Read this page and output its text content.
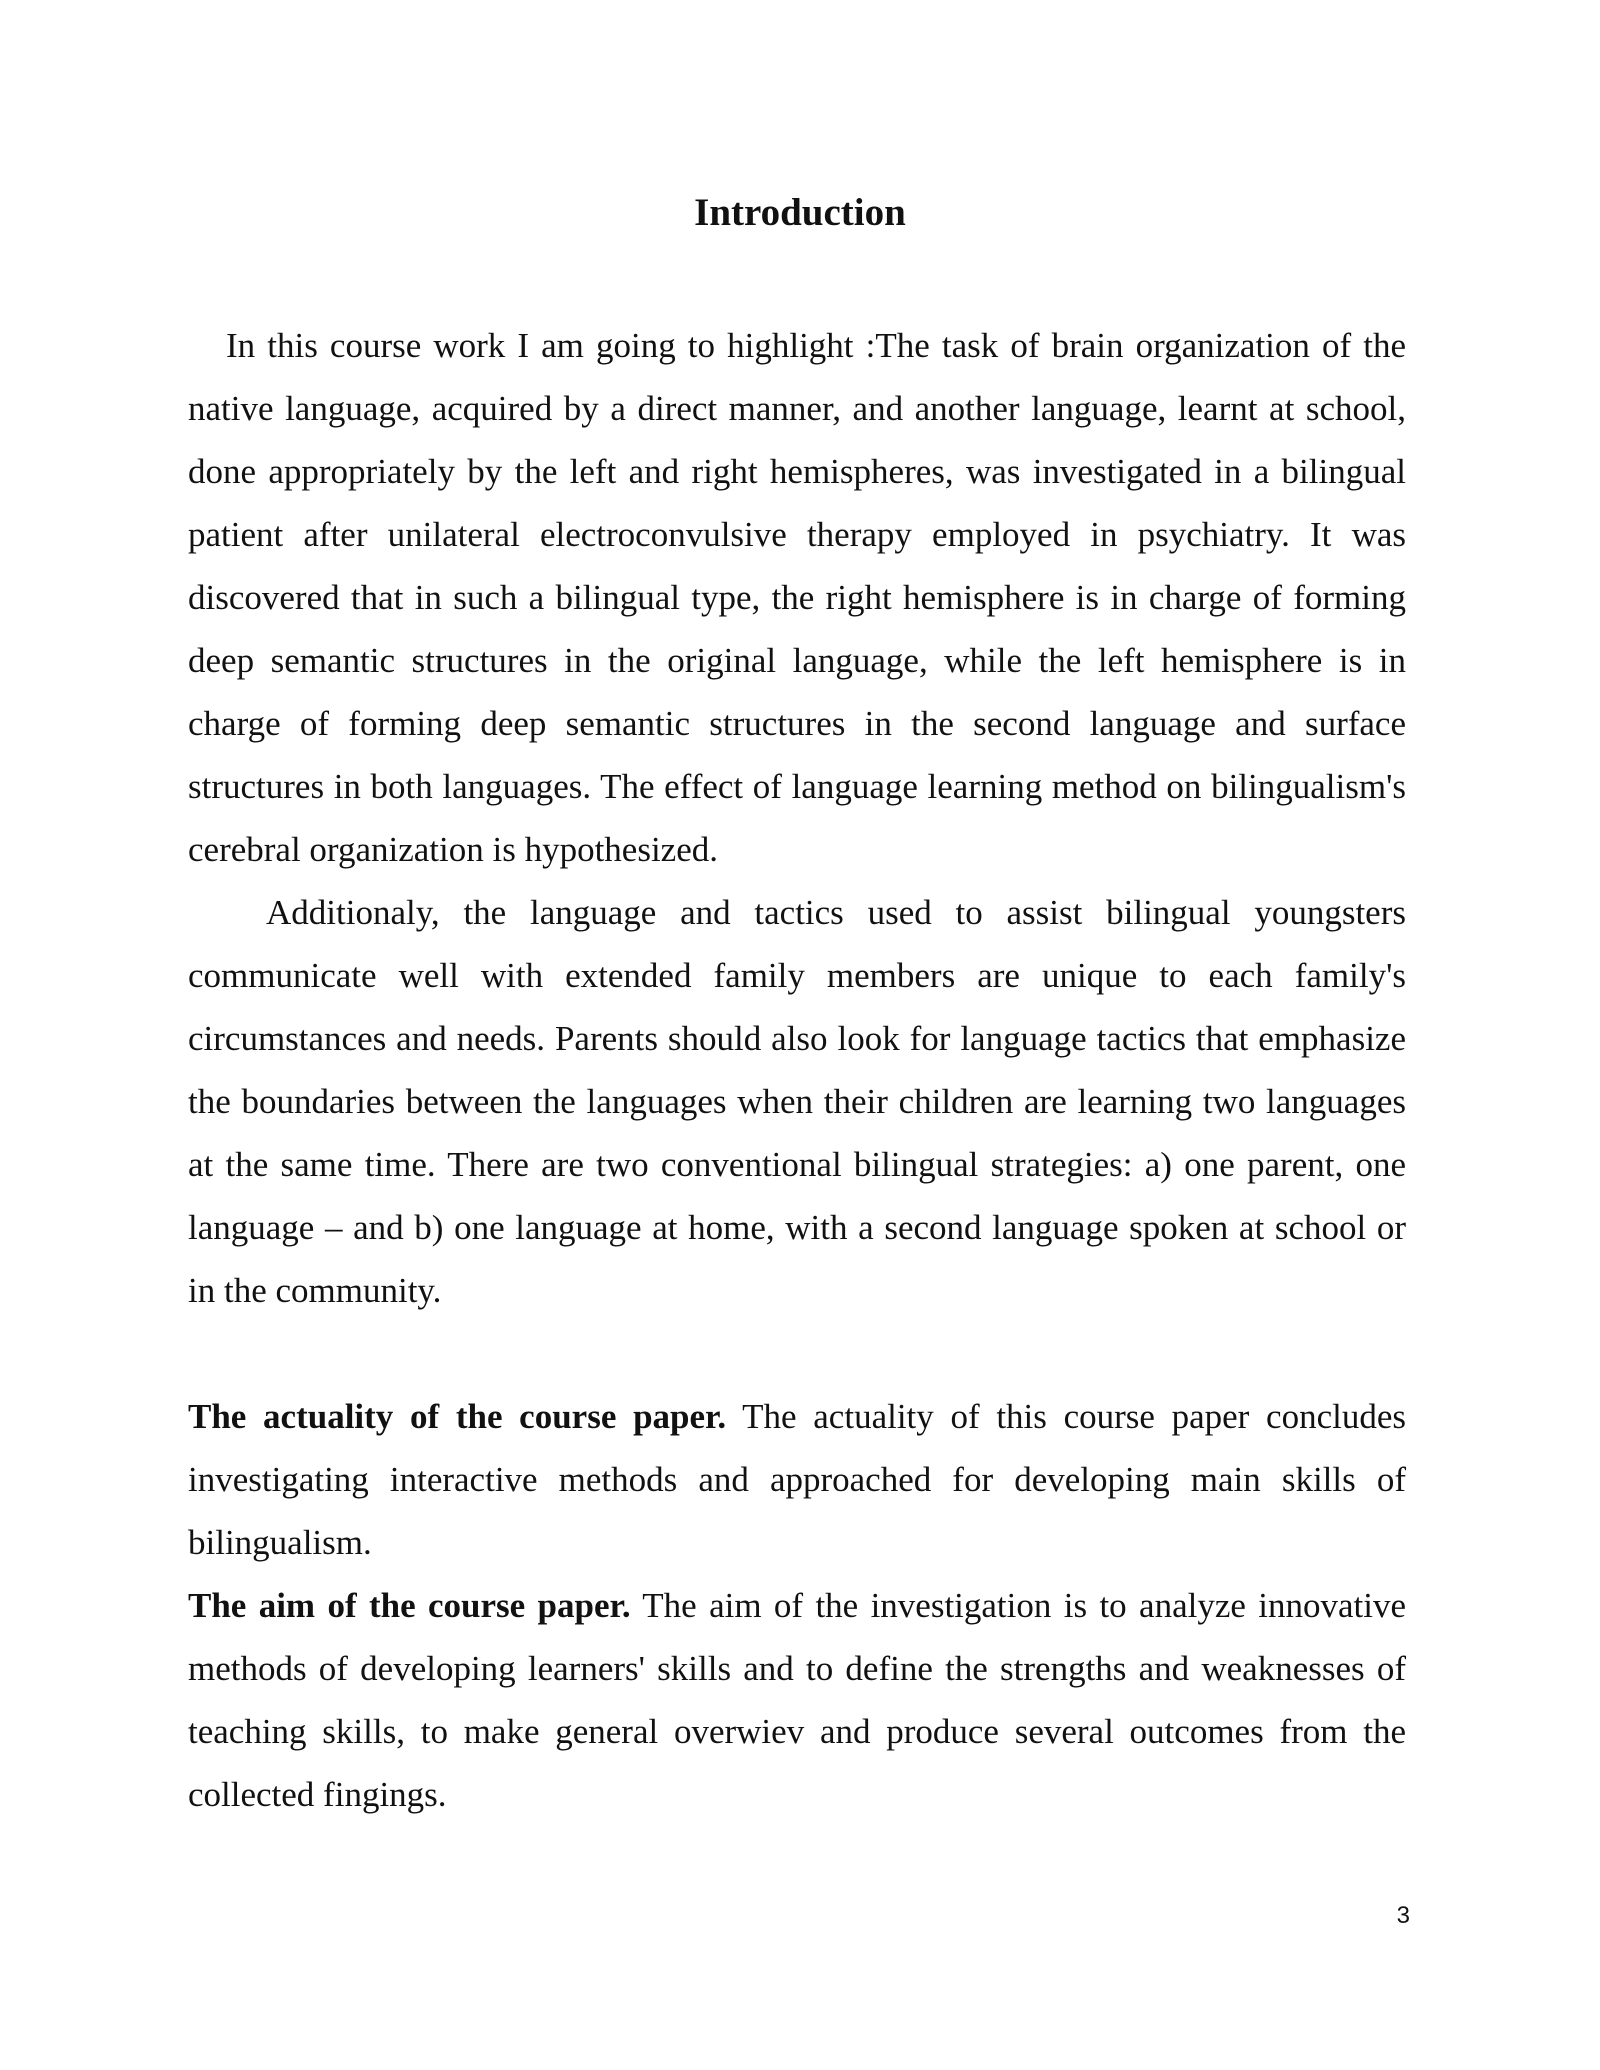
Introduction

In this course work I am going to highlight :The task of brain organization of the native language, acquired by a direct manner, and another language, learnt at school, done appropriately by the left and right hemispheres, was investigated in a bilingual patient after unilateral electroconvulsive therapy employed in psychiatry. It was discovered that in such a bilingual type, the right hemisphere is in charge of forming deep semantic structures in the original language, while the left hemisphere is in charge of forming deep semantic structures in the second language and surface structures in both languages. The effect of language learning method on bilingualism's cerebral organization is hypothesized.

Additionaly, the language and tactics used to assist bilingual youngsters communicate well with extended family members are unique to each family's circumstances and needs. Parents should also look for language tactics that emphasize the boundaries between the languages when their children are learning two languages at the same time. There are two conventional bilingual strategies: a) one parent, one language – and b) one language at home, with a second language spoken at school or in the community.

The actuality of the course paper. The actuality of this course paper concludes investigating interactive methods and approached for developing main skills of bilingualism.

The aim of the course paper. The aim of the investigation is to analyze innovative methods of developing learners' skills and to define the strengths and weaknesses of teaching skills, to make general overwiev and produce several outcomes from the collected fingings.

3
